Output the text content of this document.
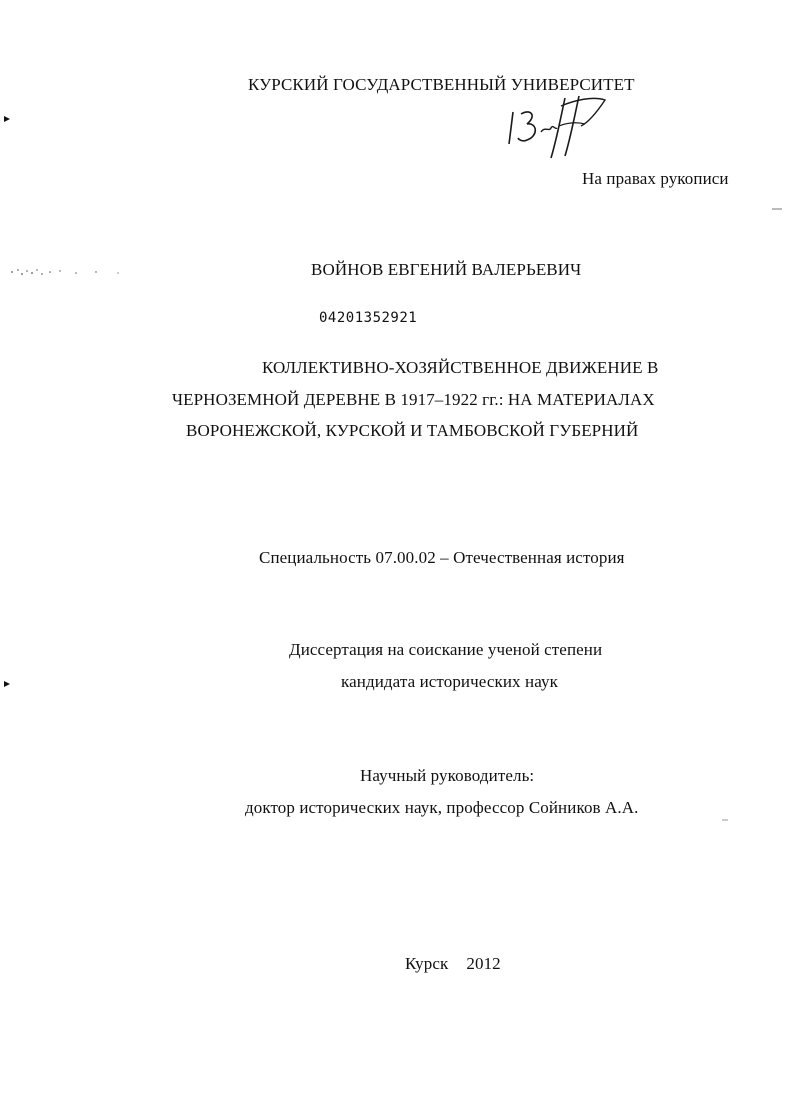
КУРСКИЙ ГОСУДАРСТВЕННЫЙ УНИВЕРСИТЕТ
На правах рукописи
ВОЙНОВ ЕВГЕНИЙ ВАЛЕРЬЕВИЧ
04201352921
КОЛЛЕКТИВНО-ХОЗЯЙСТВЕННОЕ ДВИЖЕНИЕ В
ЧЕРНОЗЕМНОЙ ДЕРЕВНЕ В 1917–1922 гг.: НА МАТЕРИАЛАХ
ВОРОНЕЖСКОЙ, КУРСКОЙ И ТАМБОВСКОЙ ГУБЕРНИЙ
Специальность 07.00.02 – Отечественная история
Диссертация на соискание ученой степени
кандидата исторических наук
Научный руководитель:
доктор исторических наук, профессор Сойников А.А.
Курск 2012
